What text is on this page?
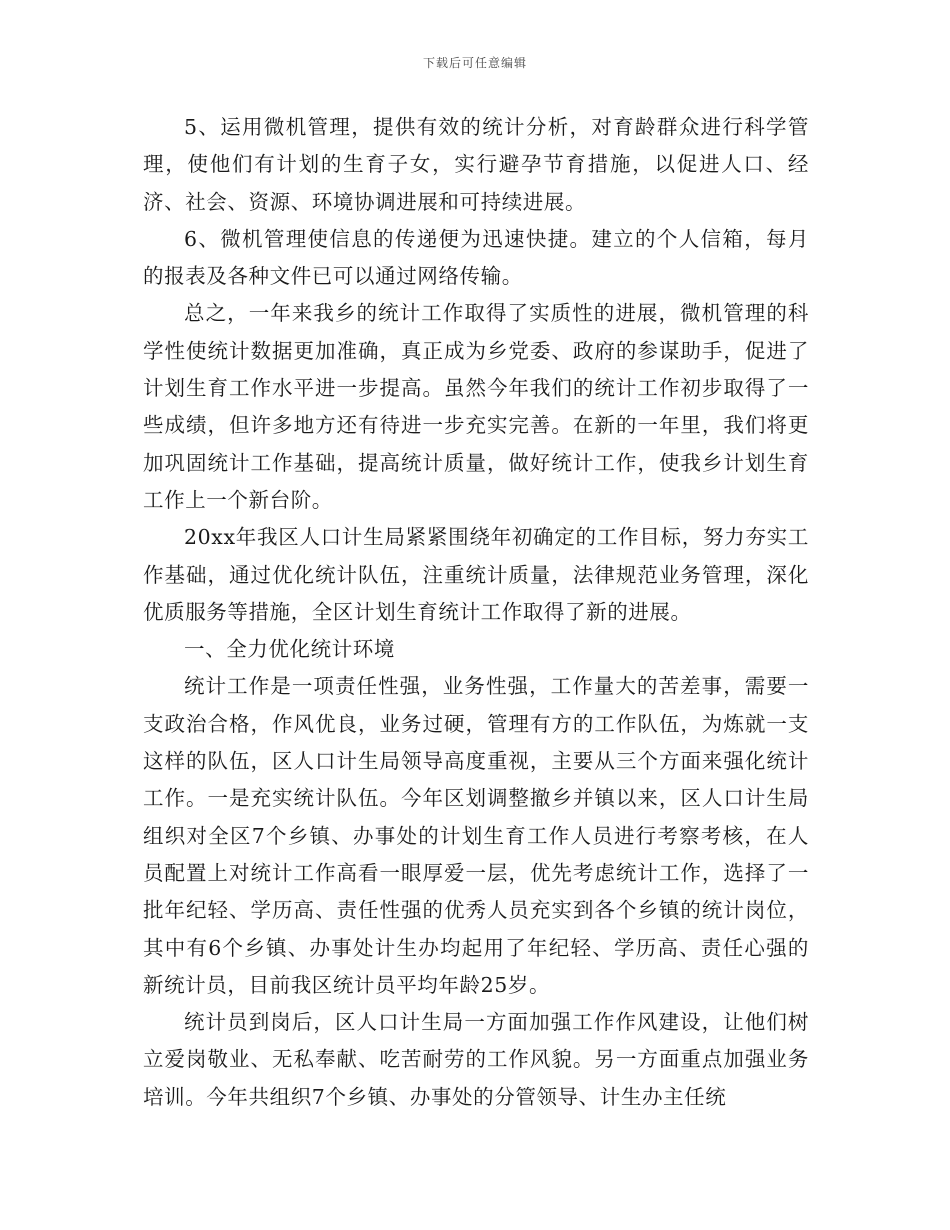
下载后可任意编辑

5、运用微机管理，提供有效的统计分析，对育龄群众进行科学管理，使他们有计划的生育子女，实行避孕节育措施，以促进人口、经济、社会、资源、环境协调进展和可持续进展。

6、微机管理使信息的传递便为迅速快捷。建立的个人信箱，每月的报表及各种文件已可以通过网络传输。

总之，一年来我乡的统计工作取得了实质性的进展，微机管理的科学性使统计数据更加准确，真正成为乡党委、政府的参谋助手，促进了计划生育工作水平进一步提高。虽然今年我们的统计工作初步取得了一些成绩，但许多地方还有待进一步充实完善。在新的一年里，我们将更加巩固统计工作基础，提高统计质量，做好统计工作，使我乡计划生育工作上一个新台阶。

20xx年我区人口计生局紧紧围绕年初确定的工作目标，努力夯实工作基础，通过优化统计队伍，注重统计质量，法律规范业务管理，深化优质服务等措施，全区计划生育统计工作取得了新的进展。

一、全力优化统计环境

统计工作是一项责任性强，业务性强，工作量大的苦差事，需要一支政治合格，作风优良，业务过硬，管理有方的工作队伍，为炼就一支这样的队伍，区人口计生局领导高度重视，主要从三个方面来强化统计工作。一是充实统计队伍。今年区划调整撤乡并镇以来，区人口计生局组织对全区7个乡镇、办事处的计划生育工作人员进行考察考核，在人员配置上对统计工作高看一眼厚爱一层，优先考虑统计工作，选择了一批年纪轻、学历高、责任性强的优秀人员充实到各个乡镇的统计岗位，其中有6个乡镇、办事处计生办均起用了年纪轻、学历高、责任心强的新统计员，目前我区统计员平均年龄25岁。

统计员到岗后，区人口计生局一方面加强工作作风建设，让他们树立爱岗敬业、无私奉献、吃苦耐劳的工作风貌。另一方面重点加强业务培训。今年共组织7个乡镇、办事处的分管领导、计生办主任统
